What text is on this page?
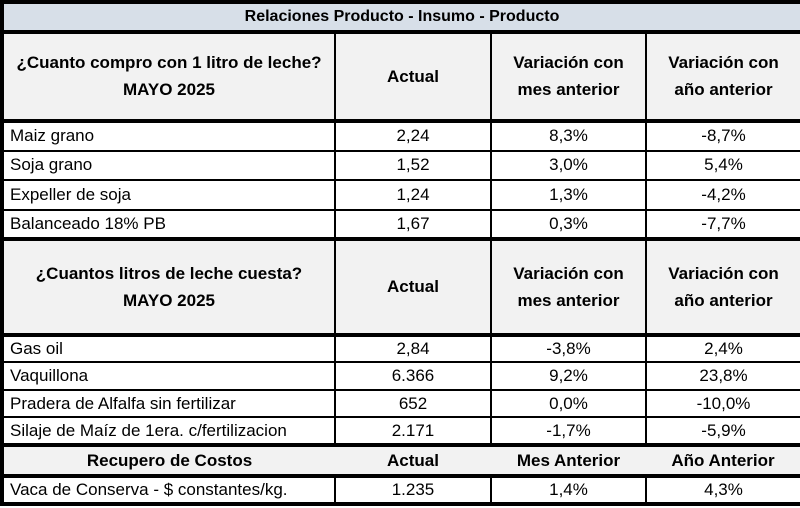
Relaciones Producto - Insumo - Producto			

¿Cuanto compro con 1 litro de leche?
MAYO 2025	Actual	Variación con mes anterior	Variación con año anterior
Maiz grano	2,24	8,3%	-8,7%
Soja grano	1,52	3,0%	5,4%
Expeller de soja	1,24	1,3%	-4,2%
Balanceado 18% PB	1,67	0,3%	-7,7%

¿Cuantos litros de leche cuesta?
MAYO 2025	Actual	Variación con mes anterior	Variación con año anterior
Gas oil	2,84	-3,8%	2,4%
Vaquillona	6.366	9,2%	23,8%
Pradera de Alfalfa sin fertilizar	652	0,0%	-10,0%
Silaje de Maíz de 1era. c/fertilizacion	2.171	-1,7%	-5,9%
Recupero de Costos	Actual	Mes Anterior	Año Anterior
Vaca de Conserva - $ constantes/kg.	1.235	1,4%	4,3%
